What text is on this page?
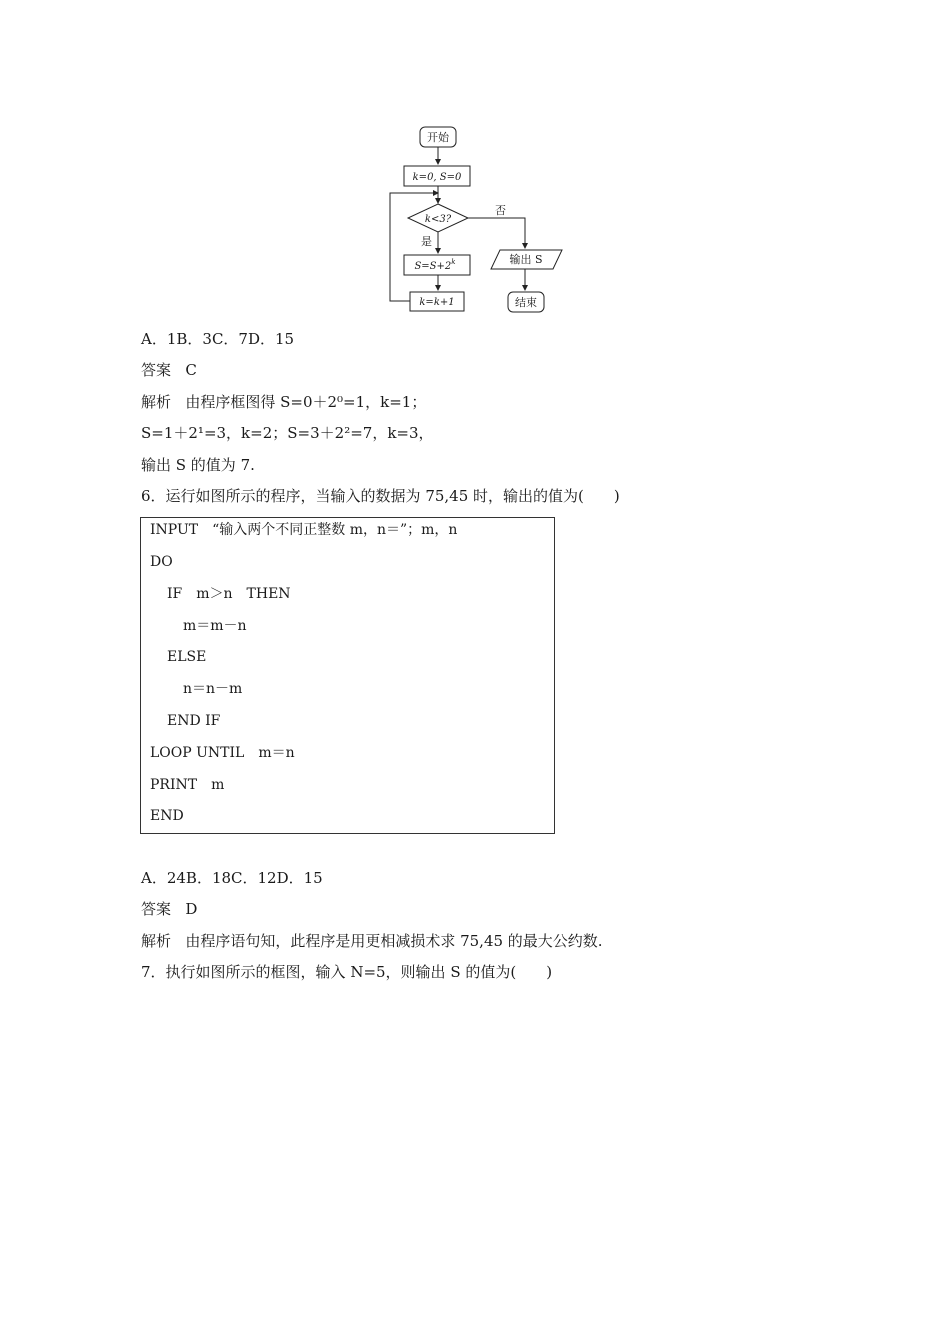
开始
k=0, S=0
k<3?
否
是
$S=S+2^k$
k=k+1
输出 S
结束
A．1B．3C．7D．15
答案 C
解析 由程序框图得 S=0＋2⁰=1，k=1；
S=1＋2¹=3，k=2；S=3＋2²=7，k=3，
输出 S 的值为 7.
6．运行如图所示的程序，当输入的数据为 75,45 时，输出的值为(　　)
INPUT　“输入两个不同正整数 m，n＝”；m，n
DO
IF　m＞n　THEN
m＝m－n
ELSE
n＝n－m
END IF
LOOP UNTIL　m＝n
PRINT　m
END
A．24B．18C．12D．15
答案 D
解析 由程序语句知，此程序是用更相减损术求 75,45 的最大公约数.
7．执行如图所示的框图，输入 N=5，则输出 S 的值为(　　)
